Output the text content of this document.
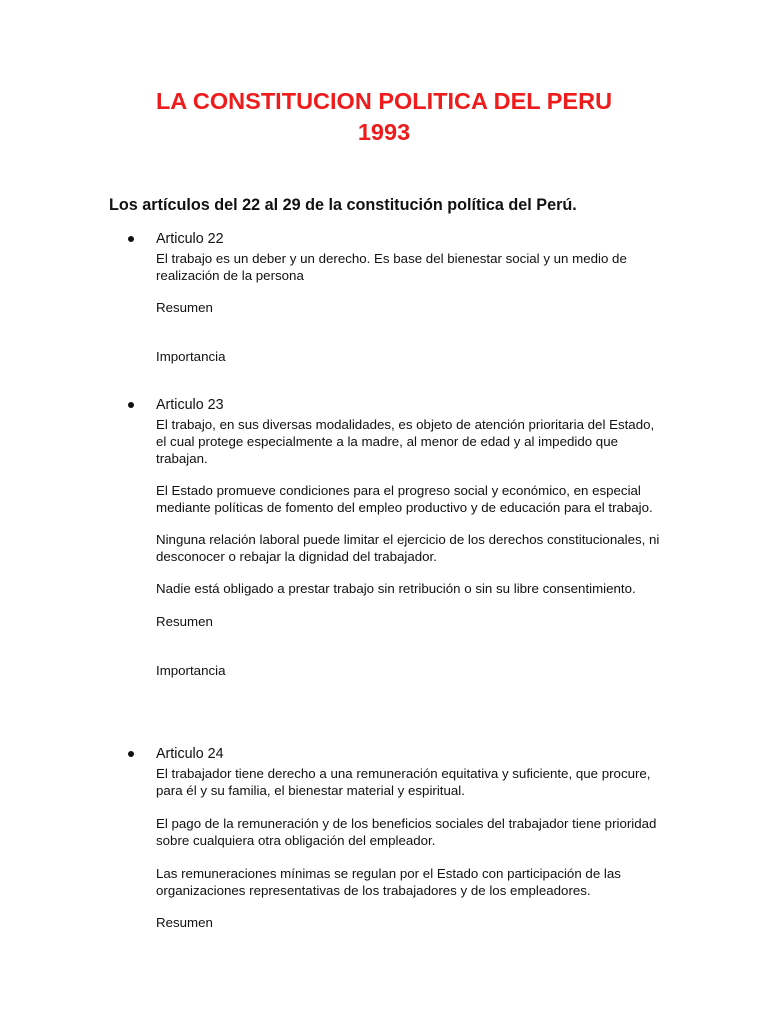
LA CONSTITUCION POLITICA DEL PERU
1993
Los artículos del 22 al 29 de la constitución política del Perú.
Articulo 22

El trabajo es un deber y un derecho. Es base del bienestar social y un medio de realización de la persona

Resumen

Importancia

Articulo 23

El trabajo, en sus diversas modalidades, es objeto de atención prioritaria del Estado, el cual protege especialmente a la madre, al menor de edad y al impedido que trabajan.

El Estado promueve condiciones para el progreso social y económico, en especial mediante políticas de fomento del empleo productivo y de educación para el trabajo.

Ninguna relación laboral puede limitar el ejercicio de los derechos constitucionales, ni desconocer o rebajar la dignidad del trabajador.

Nadie está obligado a prestar trabajo sin retribución o sin su libre consentimiento.

Resumen

Importancia

Articulo 24

El trabajador tiene derecho a una remuneración equitativa y suficiente, que procure, para él y su familia, el bienestar material y espiritual.

El pago de la remuneración y de los beneficios sociales del trabajador tiene prioridad sobre cualquiera otra obligación del empleador.

Las remuneraciones mínimas se regulan por el Estado con participación de las organizaciones representativas de los trabajadores y de los empleadores.

Resumen
